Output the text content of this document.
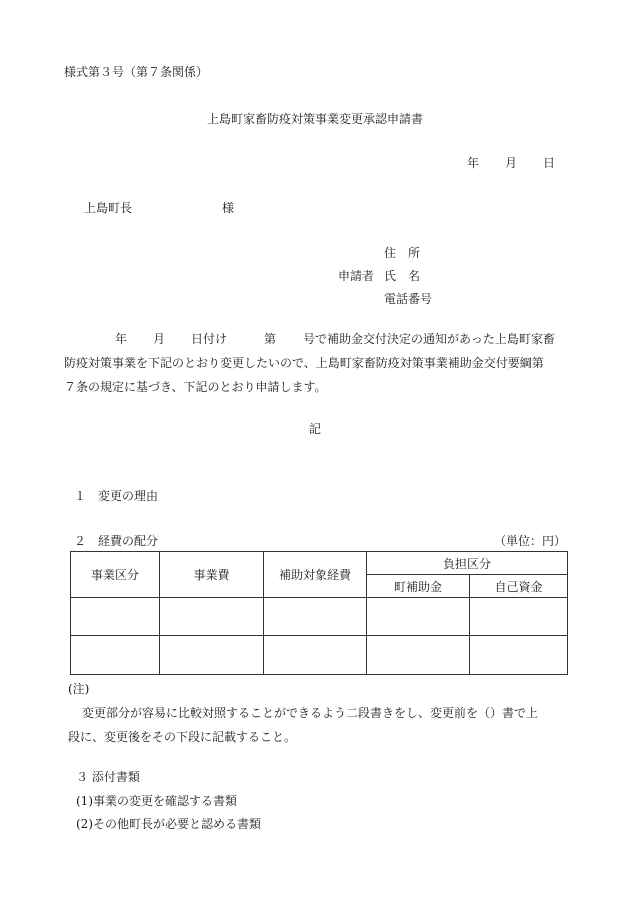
様式第３号（第７条関係）
上島町家畜防疫対策事業変更承認申請書
年 月 日
上島町長	様
住　所
申請者 氏　名
電話番号
年 月 日付け	第 号で補助金交付決定の通知があった上島町家畜
防疫対策事業を下記のとおり変更したいので、上島町家畜防疫対策事業補助金交付要綱第
７条の規定に基づき、下記のとおり申請します。
記
１　変更の理由
２　経費の配分	（単位：円）
事業区分	事業費	補助対象経費	負担区分	
			町補助金	自己資金

(注)
変更部分が容易に比較対照することができるよう二段書きをし、変更前を（）書で上
段に、変更後をその下段に記載すること。
３ 添付書類
(1)事業の変更を確認する書類
(2)その他町長が必要と認める書類
